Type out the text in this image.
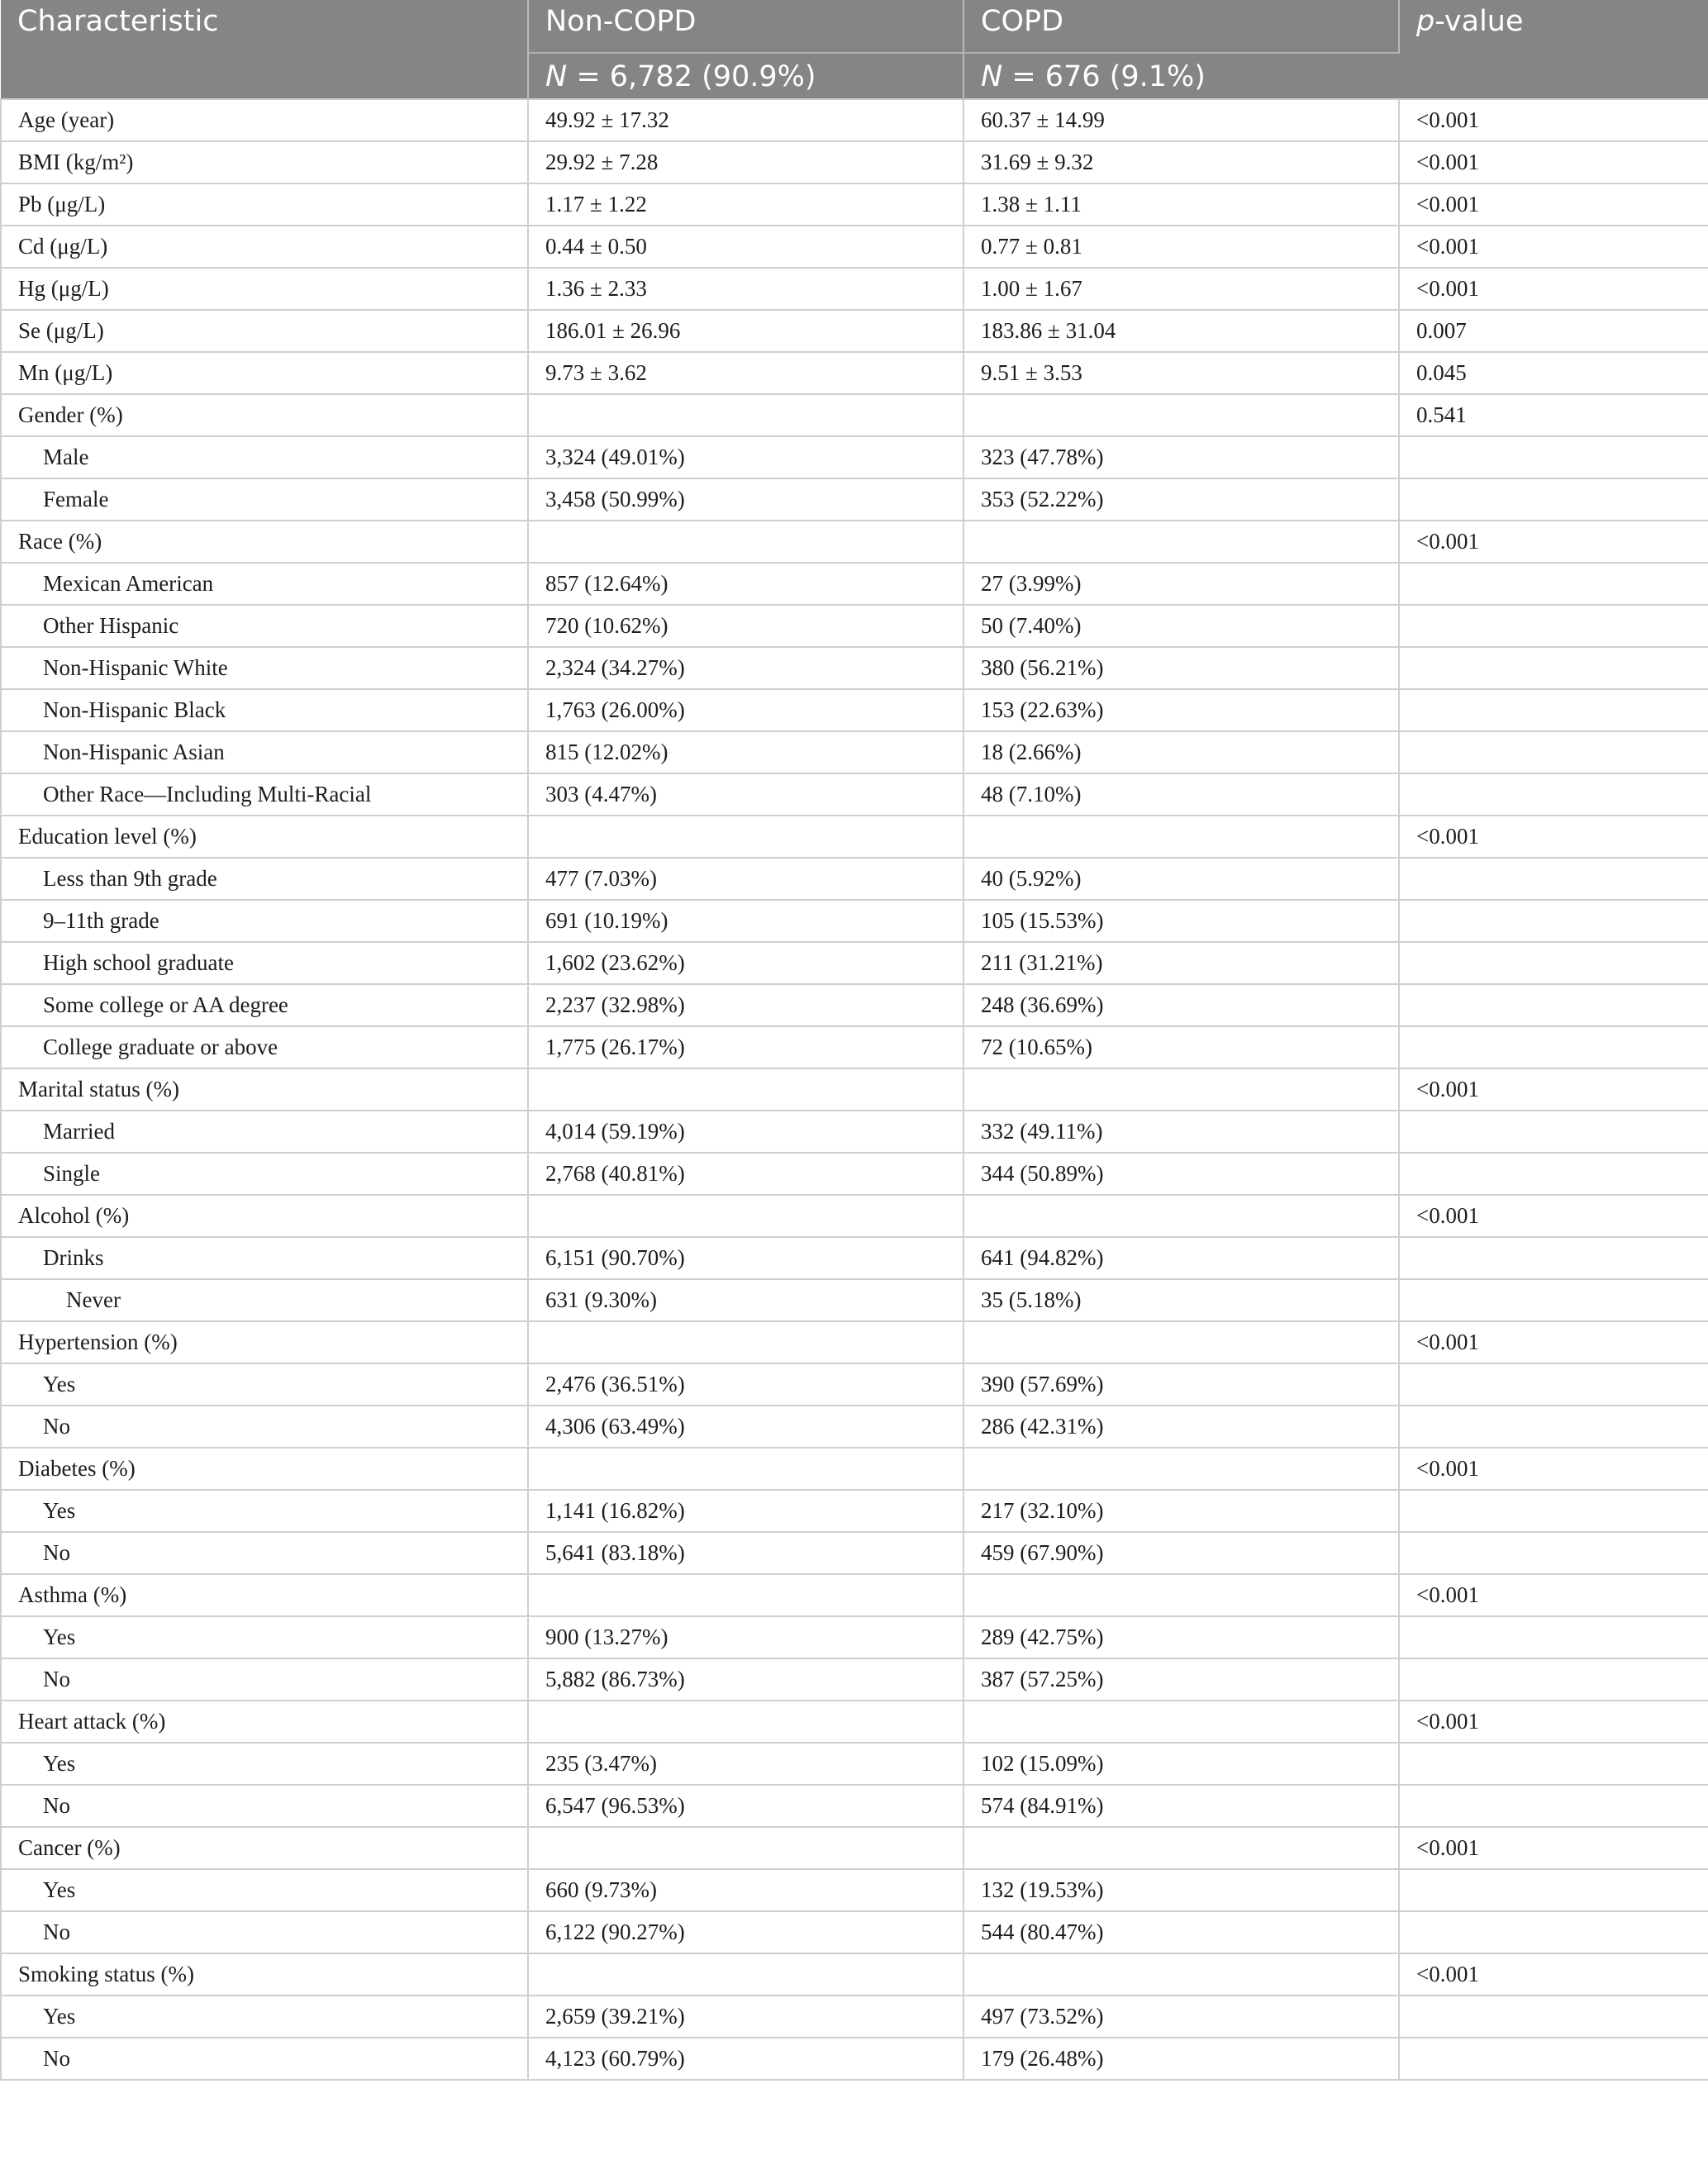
Characteristic	Non-COPD	COPD	p-value
	N = 6,782 (90.9%)	N = 676 (9.1%)	
Age (year)	49.92 ± 17.32	60.37 ± 14.99	<0.001
BMI (kg/m²)	29.92 ± 7.28	31.69 ± 9.32	<0.001
Pb (μg/L)	1.17 ± 1.22	1.38 ± 1.11	<0.001
Cd (μg/L)	0.44 ± 0.50	0.77 ± 0.81	<0.001
Hg (μg/L)	1.36 ± 2.33	1.00 ± 1.67	<0.001
Se (μg/L)	186.01 ± 26.96	183.86 ± 31.04	0.007
Mn (μg/L)	9.73 ± 3.62	9.51 ± 3.53	0.045
Gender (%)			0.541
Male	3,324 (49.01%)	323 (47.78%)	
Female	3,458 (50.99%)	353 (52.22%)	
Race (%)			<0.001
Mexican American	857 (12.64%)	27 (3.99%)	
Other Hispanic	720 (10.62%)	50 (7.40%)	
Non-Hispanic White	2,324 (34.27%)	380 (56.21%)	
Non-Hispanic Black	1,763 (26.00%)	153 (22.63%)	
Non-Hispanic Asian	815 (12.02%)	18 (2.66%)	
Other Race—Including Multi-Racial	303 (4.47%)	48 (7.10%)	
Education level (%)			<0.001
Less than 9th grade	477 (7.03%)	40 (5.92%)	
9–11th grade	691 (10.19%)	105 (15.53%)	
High school graduate	1,602 (23.62%)	211 (31.21%)	
Some college or AA degree	2,237 (32.98%)	248 (36.69%)	
College graduate or above	1,775 (26.17%)	72 (10.65%)	
Marital status (%)			<0.001
Married	4,014 (59.19%)	332 (49.11%)	
Single	2,768 (40.81%)	344 (50.89%)	
Alcohol (%)			<0.001
Drinks	6,151 (90.70%)	641 (94.82%)	
Never	631 (9.30%)	35 (5.18%)	
Hypertension (%)			<0.001
Yes	2,476 (36.51%)	390 (57.69%)	
No	4,306 (63.49%)	286 (42.31%)	
Diabetes (%)			<0.001
Yes	1,141 (16.82%)	217 (32.10%)	
No	5,641 (83.18%)	459 (67.90%)	
Asthma (%)			<0.001
Yes	900 (13.27%)	289 (42.75%)	
No	5,882 (86.73%)	387 (57.25%)	
Heart attack (%)			<0.001
Yes	235 (3.47%)	102 (15.09%)	
No	6,547 (96.53%)	574 (84.91%)	
Cancer (%)			<0.001
Yes	660 (9.73%)	132 (19.53%)	
No	6,122 (90.27%)	544 (80.47%)	
Smoking status (%)			<0.001
Yes	2,659 (39.21%)	497 (73.52%)	
No	4,123 (60.79%)	179 (26.48%)	
